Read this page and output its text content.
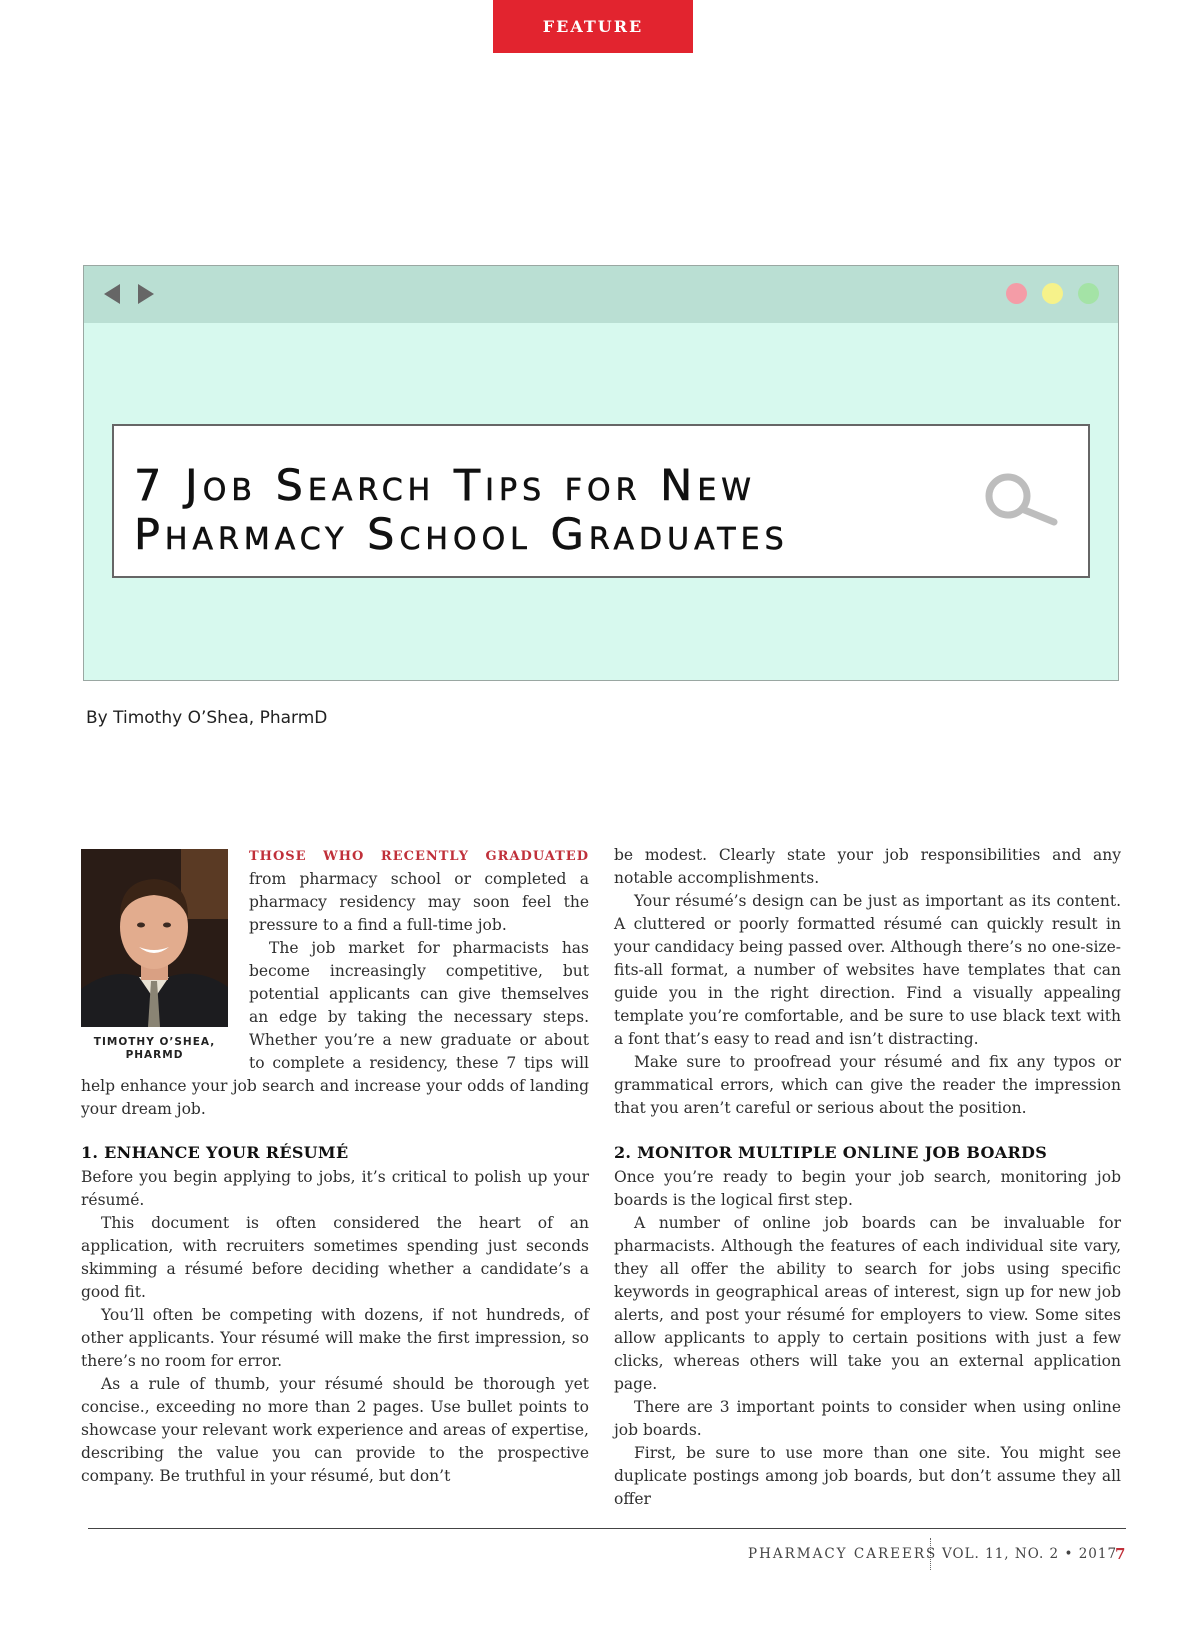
FEATURE
7 Job Search Tips for New
Pharmacy School Graduates
By Timothy O’Shea, PharmD
TIMOTHY O’SHEA,
PHARMD

THOSE WHO RECENTLY GRADUATED from pharmacy school or completed a pharmacy residency may soon feel the pressure to a find a full-time job.

The job market for pharmacists has become increasingly competitive, but potential applicants can give themselves an edge by taking the necessary steps. Whether you’re a new graduate or about to complete a residency, these 7 tips will help enhance your job search and increase your odds of landing your dream job.

1. ENHANCE YOUR RÉSUMÉ

Before you begin applying to jobs, it’s critical to polish up your résumé.

This document is often considered the heart of an application, with recruiters sometimes spending just seconds skimming a résumé before deciding whether a candidate’s a good fit.

You’ll often be competing with dozens, if not hundreds, of other applicants. Your résumé will make the first impression, so there’s no room for error.

As a rule of thumb, your résumé should be thorough yet concise., exceeding no more than 2 pages. Use bullet points to showcase your relevant work experience and areas of expertise, describing the value you can provide to the prospective company. Be truthful in your résumé, but don’t

be modest. Clearly state your job responsibilities and any notable accomplishments.

Your résumé’s design can be just as important as its content. A cluttered or poorly formatted résumé can quickly result in your candidacy being passed over. Although there’s no one-size-fits-all format, a number of websites have templates that can guide you in the right direction. Find a visually appealing template you’re comfortable, and be sure to use black text with a font that’s easy to read and isn’t distracting.

Make sure to proofread your résumé and fix any typos or grammatical errors, which can give the reader the impression that you aren’t careful or serious about the position.

2. MONITOR MULTIPLE ONLINE JOB BOARDS

Once you’re ready to begin your job search, monitoring job boards is the logical first step.

A number of online job boards can be invaluable for pharmacists. Although the features of each individual site vary, they all offer the ability to search for jobs using specific keywords in geographical areas of interest, sign up for new job alerts, and post your résumé for employers to view. Some sites allow applicants to apply to certain positions with just a few clicks, whereas others will take you an external application page.

There are 3 important points to consider when using online job boards.

First, be sure to use more than one site. You might see duplicate postings among job boards, but don’t assume they all offer

PHARMACY CAREERS VOL. 11, NO. 2 • 2017
7
